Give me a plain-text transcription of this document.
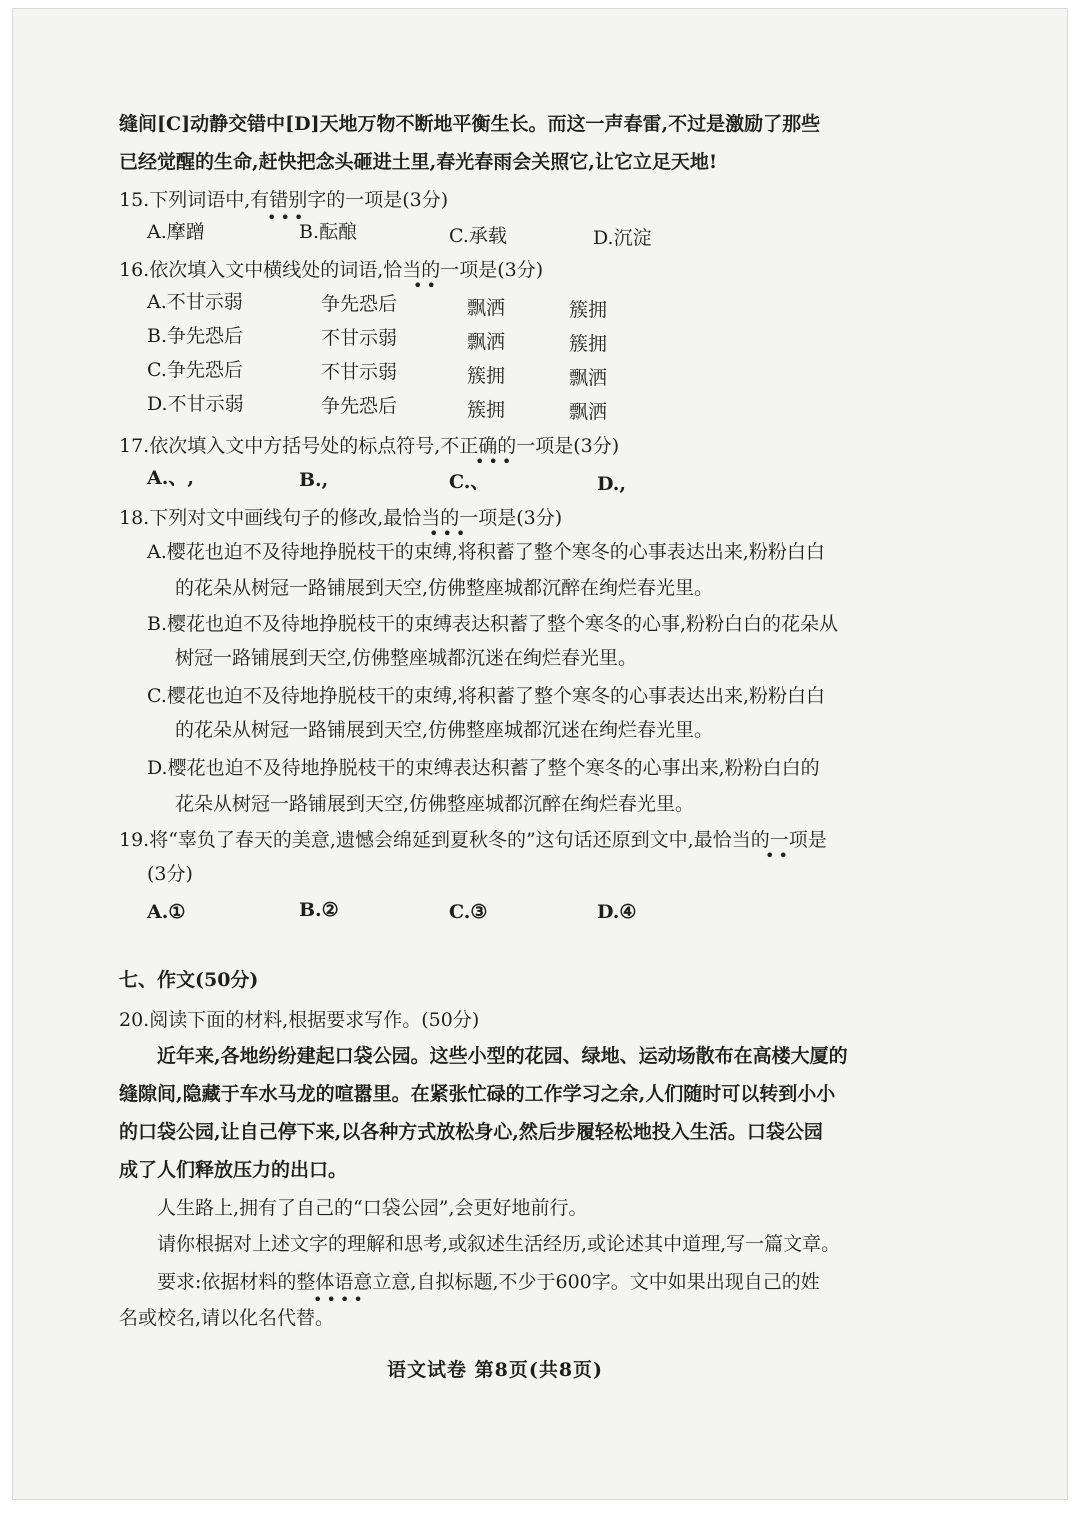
缝间[C]动静交错中[D]天地万物不断地平衡生长。而这一声春雷,不过是激励了那些
已经觉醒的生命,赶快把念头砸进土里,春光春雨会关照它,让它立足天地!
15.下列词语中,有错别字的一项是(3分)
•••
A.摩蹭	B.酝酿	C.承载	D.沉淀
16.依次填入文中横线处的词语,恰当的一项是(3分)
••
A.不甘示弱	争先恐后	飘洒	簇拥
B.争先恐后	不甘示弱	飘洒	簇拥
C.争先恐后	不甘示弱	簇拥	飘洒
D.不甘示弱	争先恐后	簇拥	飘洒
17.依次填入文中方括号处的标点符号,不正确的一项是(3分)
•••
A.、,	B.,	C.、	D.,
18.下列对文中画线句子的修改,最恰当的一项是(3分)
•••
A.樱花也迫不及待地挣脱枝干的束缚,将积蓄了整个寒冬的心事表达出来,粉粉白白
的花朵从树冠一路铺展到天空,仿佛整座城都沉醉在绚烂春光里。
B.樱花也迫不及待地挣脱枝干的束缚表达积蓄了整个寒冬的心事,粉粉白白的花朵从
树冠一路铺展到天空,仿佛整座城都沉迷在绚烂春光里。
C.樱花也迫不及待地挣脱枝干的束缚,将积蓄了整个寒冬的心事表达出来,粉粉白白
的花朵从树冠一路铺展到天空,仿佛整座城都沉迷在绚烂春光里。
D.樱花也迫不及待地挣脱枝干的束缚表达积蓄了整个寒冬的心事出来,粉粉白白的
花朵从树冠一路铺展到天空,仿佛整座城都沉醉在绚烂春光里。
19.将“辜负了春天的美意,遗憾会绵延到夏秋冬的”这句话还原到文中,最恰当的一项是
••
(3分)
A.①	B.②	C.③	D.④
七、作文(50分)
20.阅读下面的材料,根据要求写作。(50分)
近年来,各地纷纷建起口袋公园。这些小型的花园、绿地、运动场散布在高楼大厦的
缝隙间,隐藏于车水马龙的喧嚣里。在紧张忙碌的工作学习之余,人们随时可以转到小小
的口袋公园,让自己停下来,以各种方式放松身心,然后步履轻松地投入生活。口袋公园
成了人们释放压力的出口。
人生路上,拥有了自己的“口袋公园”,会更好地前行。
请你根据对上述文字的理解和思考,或叙述生活经历,或论述其中道理,写一篇文章。
要求:依据材料的整体语意立意,自拟标题,不少于600字。文中如果出现自己的姓
••••
名或校名,请以化名代替。
语文试卷 第8页(共8页)
